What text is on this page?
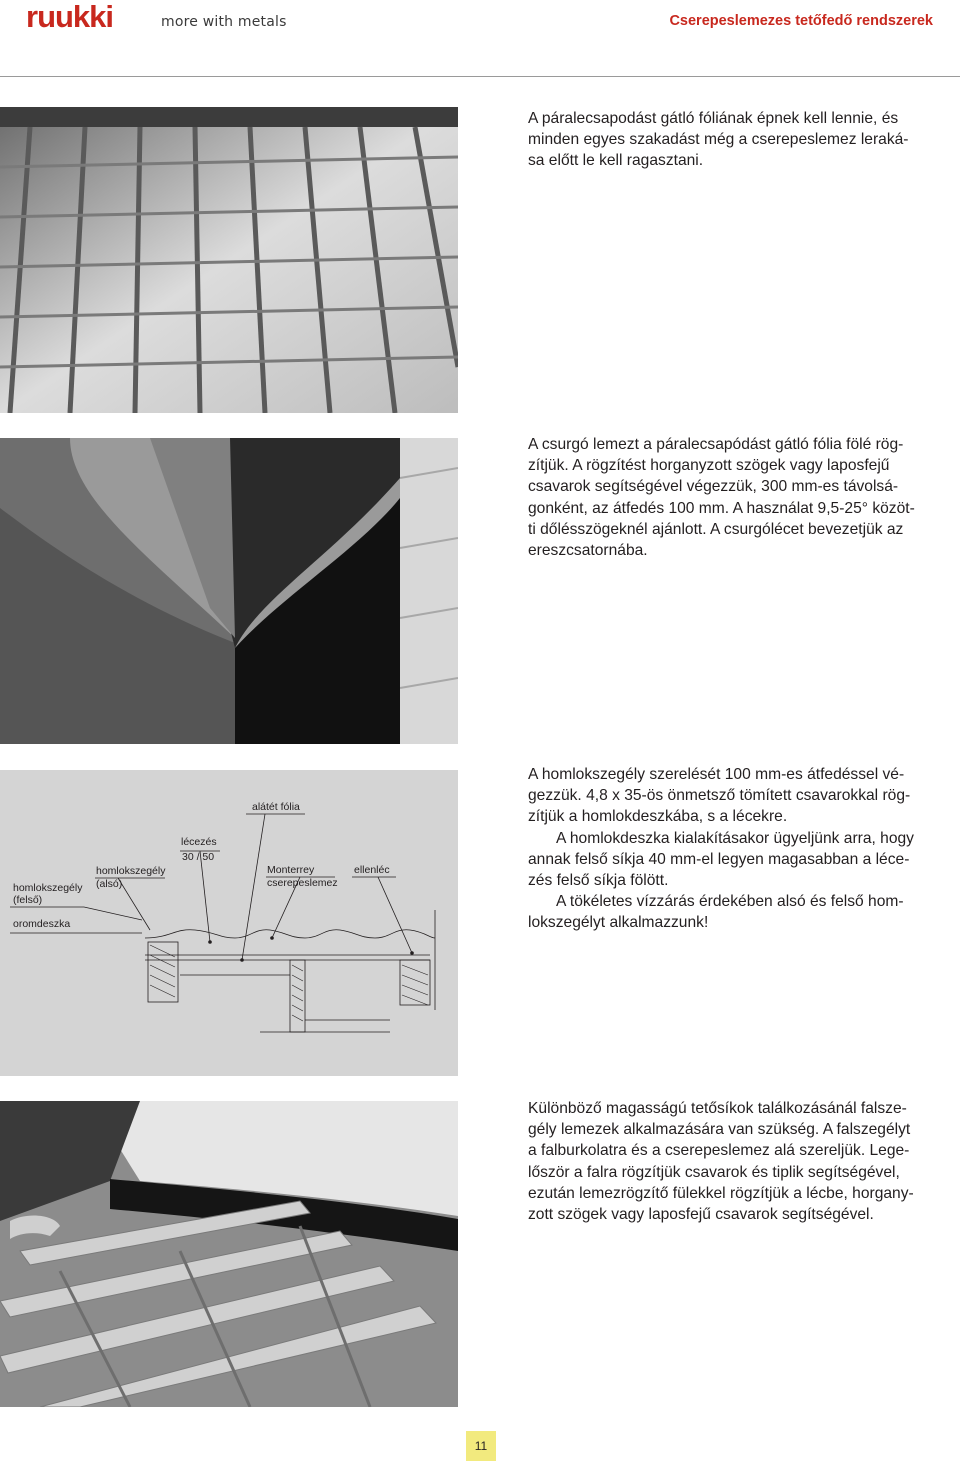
ruukki	more with metals	Cserepeslemezes tetőfedő rendszerek

A páralecsapodást gátló fóliának épnek kell lennie, és

minden egyes szakadást még a cserepeslemez leraká-

sa előtt le kell ragasztani.

A csurgó lemezt a páralecsapódást gátló fólia fölé rög-

zítjük. A rögzítést horganyzott szögek vagy laposfejű

csavarok segítségével végezzük, 300 mm-es távolsá-

gonként, az átfedés 100 mm. A használat 9,5-25° közöt-

ti dőlésszögeknél ajánlott. A csurgólécet bevezetjük az

ereszcsatornába.

alátét fólia
lécezés
30 / 50
homlokszegély
(alsó)
homlokszegély
(felső)
oromdeszka
Monterrey
cserepeslemez
ellenléc

A homlokszegély szerelését 100 mm-es átfedéssel vé-

gezzük. 4,8 x 35-ös önmetsző tömített csavarokkal rög-

zítjük a homlokdeszkába, s a lécekre.

A homlokdeszka kialakításakor ügyeljünk arra, hogy

annak felső síkja 40 mm-el legyen magasabban a léce-

zés felső síkja fölött.

A tökéletes vízzárás érdekében alsó és felső hom-

lokszegélyt alkalmazzunk!

Különböző magasságú tetősíkok találkozásánál falsze-

gély lemezek alkalmazására van szükség. A falszegélyt

a falburkolatra és a cserepeslemez alá szereljük. Lege-

lőször a falra rögzítjük csavarok és tiplik segítségével,

ezután lemezrögzítő fülekkel rögzítjük a lécbe, horgany-

zott szögek vagy laposfejű csavarok segítségével.

11
